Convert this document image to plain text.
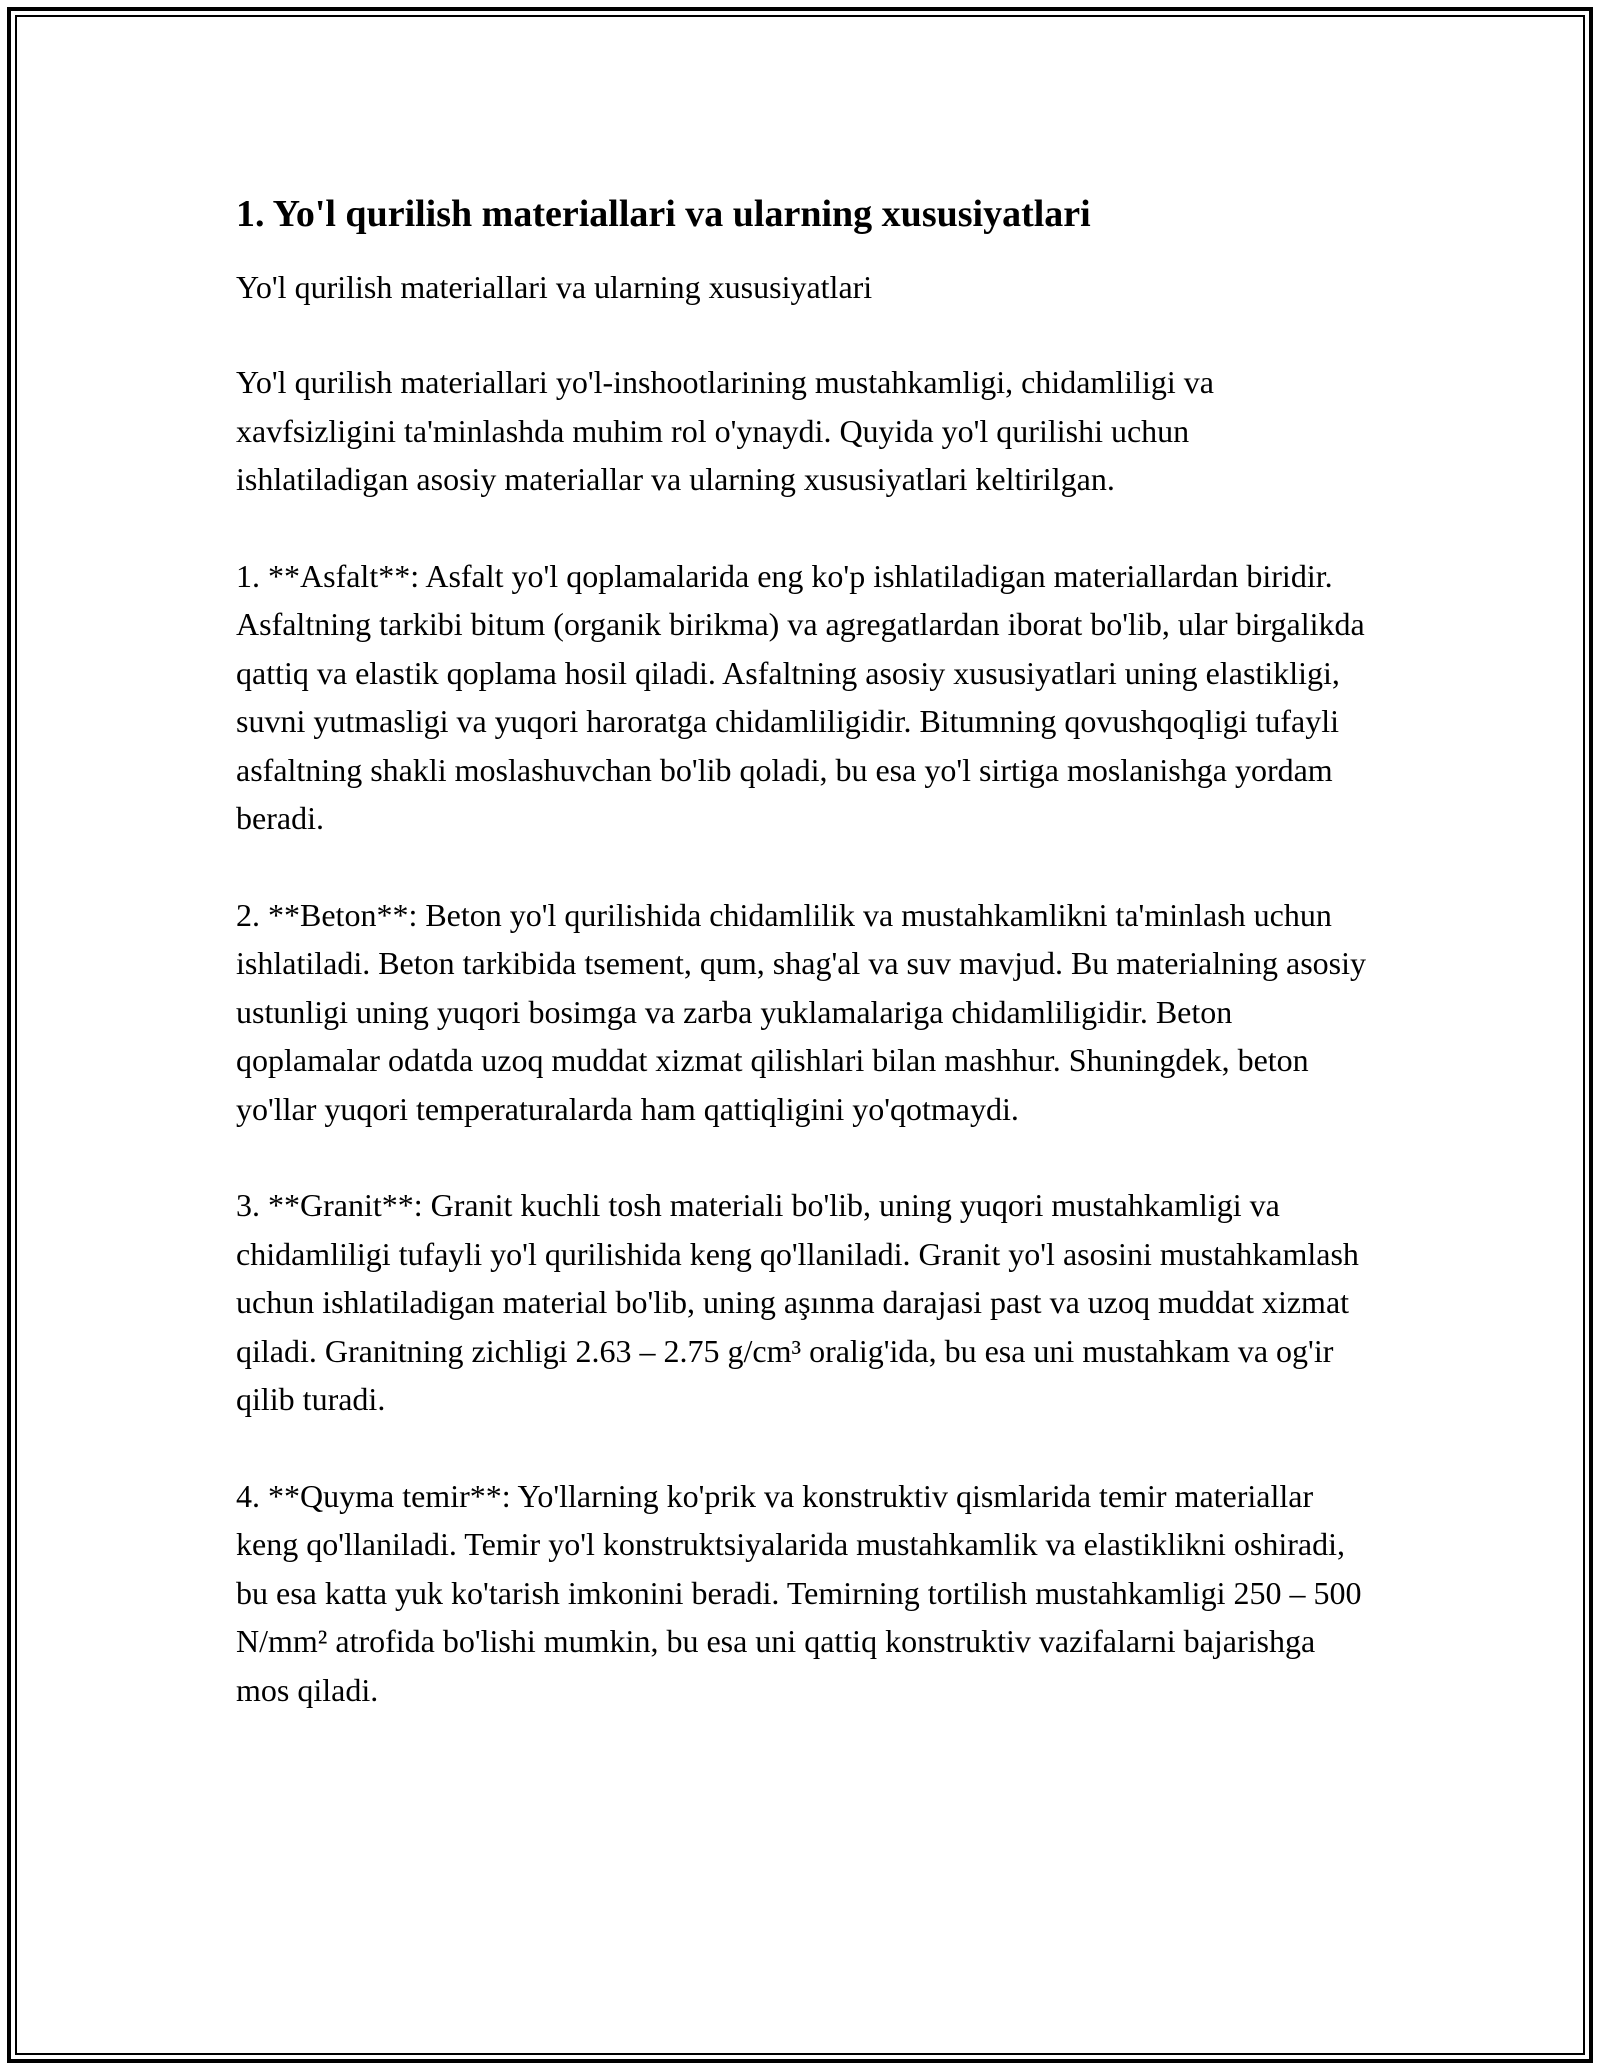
1. Yo'l qurilish materiallari va ularning xususiyatlari

Yo'l qurilish materiallari va ularning xususiyatlari

Yo'l qurilish materiallari yo'l-inshootlarining mustahkamligi, chidamliligi va xavfsizligini ta'minlashda muhim rol o'ynaydi. Quyida yo'l qurilishi uchun ishlatiladigan asosiy materiallar va ularning xususiyatlari keltirilgan.

1. **Asfalt**: Asfalt yo'l qoplamalarida eng ko'p ishlatiladigan materiallardan biridir. Asfaltning tarkibi bitum (organik birikma) va agregatlardan iborat bo'lib, ular birgalikda qattiq va elastik qoplama hosil qiladi. Asfaltning asosiy xususiyatlari uning elastikligi, suvni yutmasligi va yuqori haroratga chidamliligidir. Bitumning qovushqoqligi tufayli asfaltning shakli moslashuvchan bo'lib qoladi, bu esa yo'l sirtiga moslanishga yordam beradi.

2. **Beton**: Beton yo'l qurilishida chidamlilik va mustahkamlikni ta'minlash uchun ishlatiladi. Beton tarkibida tsement, qum, shag'al va suv mavjud. Bu materialning asosiy ustunligi uning yuqori bosimga va zarba yuklamalariga chidamliligidir. Beton qoplamalar odatda uzoq muddat xizmat qilishlari bilan mashhur. Shuningdek, beton yo'llar yuqori temperaturalarda ham qattiqligini yo'qotmaydi.

3. **Granit**: Granit kuchli tosh materiali bo'lib, uning yuqori mustahkamligi va chidamliligi tufayli yo'l qurilishida keng qo'llaniladi. Granit yo'l asosini mustahkamlash uchun ishlatiladigan material bo'lib, uning aşınma darajasi past va uzoq muddat xizmat qiladi. Granitning zichligi 2.63 – 2.75 g/cm³ oralig'ida, bu esa uni mustahkam va og'ir qilib turadi.

4. **Quyma temir**: Yo'llarning ko'prik va konstruktiv qismlarida temir materiallar keng qo'llaniladi. Temir yo'l konstruktsiyalarida mustahkamlik va elastiklikni oshiradi, bu esa katta yuk ko'tarish imkonini beradi. Temirning tortilish mustahkamligi 250 – 500 N/mm² atrofida bo'lishi mumkin, bu esa uni qattiq konstruktiv vazifalarni bajarishga mos qiladi.
